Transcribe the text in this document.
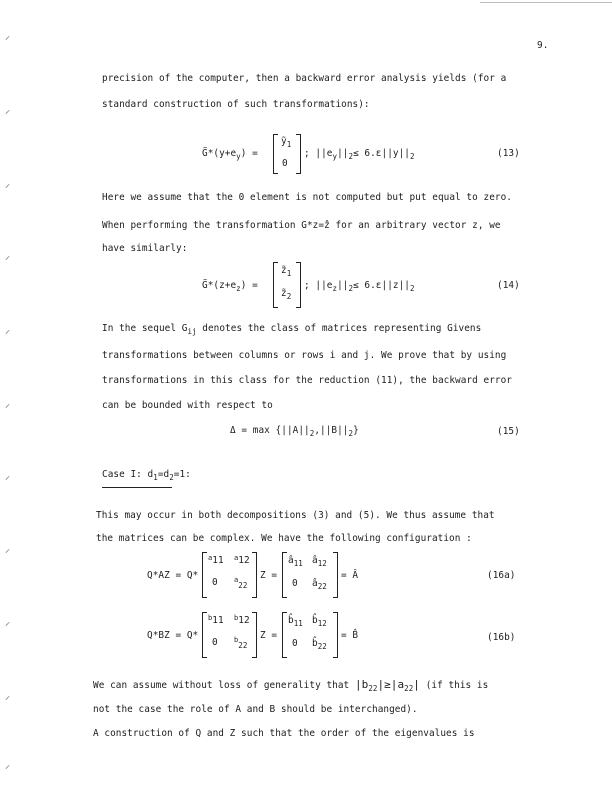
⸝
⸝
⸝
⸝
⸝
⸝
⸝
⸝
⸝
⸝
⸝
9.
precision of the computer, then a backward error analysis yields (for a
standard construction of such transformations):
$G̃*(y+e_y)$ =
ỹ$_1$
0
; $||e_y||_2\le 6.\varepsilon||y||_2$	(13)
Here we assume that the 0 element is not computed but put equal to zero.
When performing the transformation G*z=ẑ for an arbitrary vector z, we
have similarly:
$G̃*(z+e_z)$ =
$z̃_1$
$z̃_2$
; $||e_z||_2\le 6.\varepsilon||z||_2$	(14)
In the sequel $G_{ij}$ denotes the class of matrices representing Givens
transformations between columns or rows i and j. We prove that by using
transformations in this class for the reduction (11), the backward error
can be bounded with respect to
$\Delta = \max \{||A||_2,||B||_2\}$	(15)
Case I: $d_1=d_2=1$:
This may occur in both decompositions (3) and (5). We thus assume that
the matrices can be complex. We have the following configuration :
Q*AZ = Q*
$^a$11 $^a$12
0 $^a_{22}$
Z =
$â_{11}$ $â_{12}$
0 $â_{22}$
= Â	(16a)
Q*BZ = Q*
$^b$11 $^b$12
0 $^b_{22}$
Z =
$b̂_{11}$ $b̂_{12}$
0 $b̂_{22}$
= B̂	(16b)
We can assume without loss of generality that $|b_{22}|\ge|a_{22}|$ (if this is
not the case the role of A and B should be interchanged).
A construction of Q and Z such that the order of the eigenvalues is
